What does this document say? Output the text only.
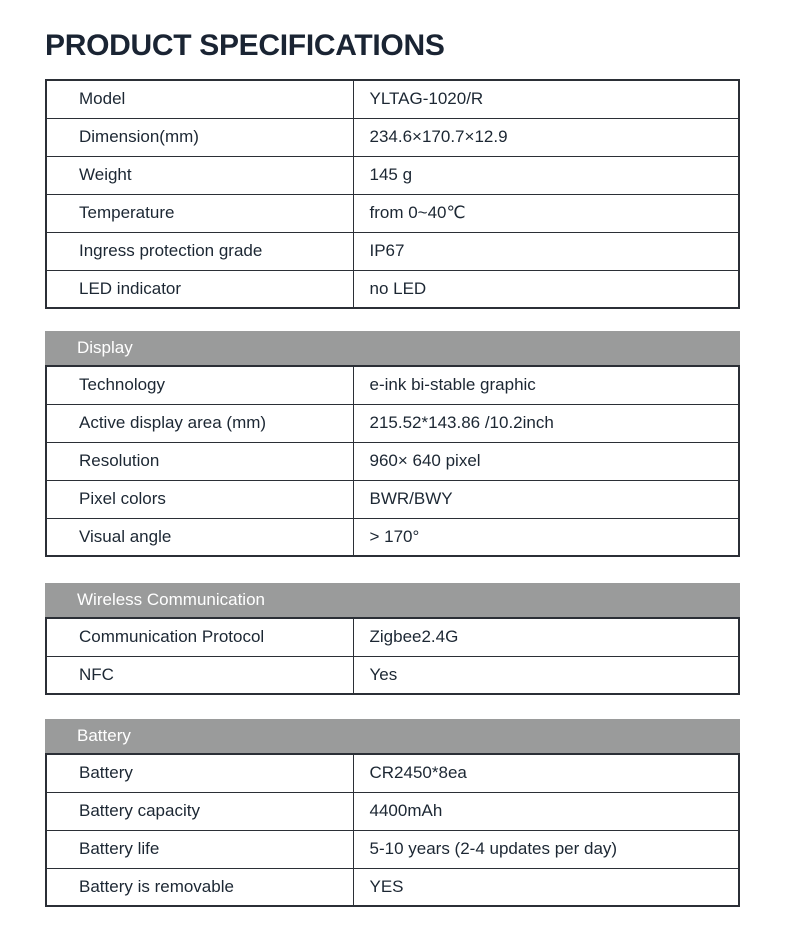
PRODUCT SPECIFICATIONS
Model	YLTAG-1020/R
Dimension(mm)	234.6×170.7×12.9
Weight	145 g
Temperature	from 0~40℃
Ingress protection grade	IP67
LED indicator	no LED
Display
Technology	e-ink bi-stable graphic
Active display area (mm)	215.52*143.86 /10.2inch
Resolution	960× 640 pixel
Pixel colors	BWR/BWY
Visual angle	> 170°
Wireless Communication
Communication Protocol	Zigbee2.4G
NFC	Yes
Battery
Battery	CR2450*8ea
Battery capacity	4400mAh
Battery life	5-10 years (2-4 updates per day)
Battery is removable	YES
